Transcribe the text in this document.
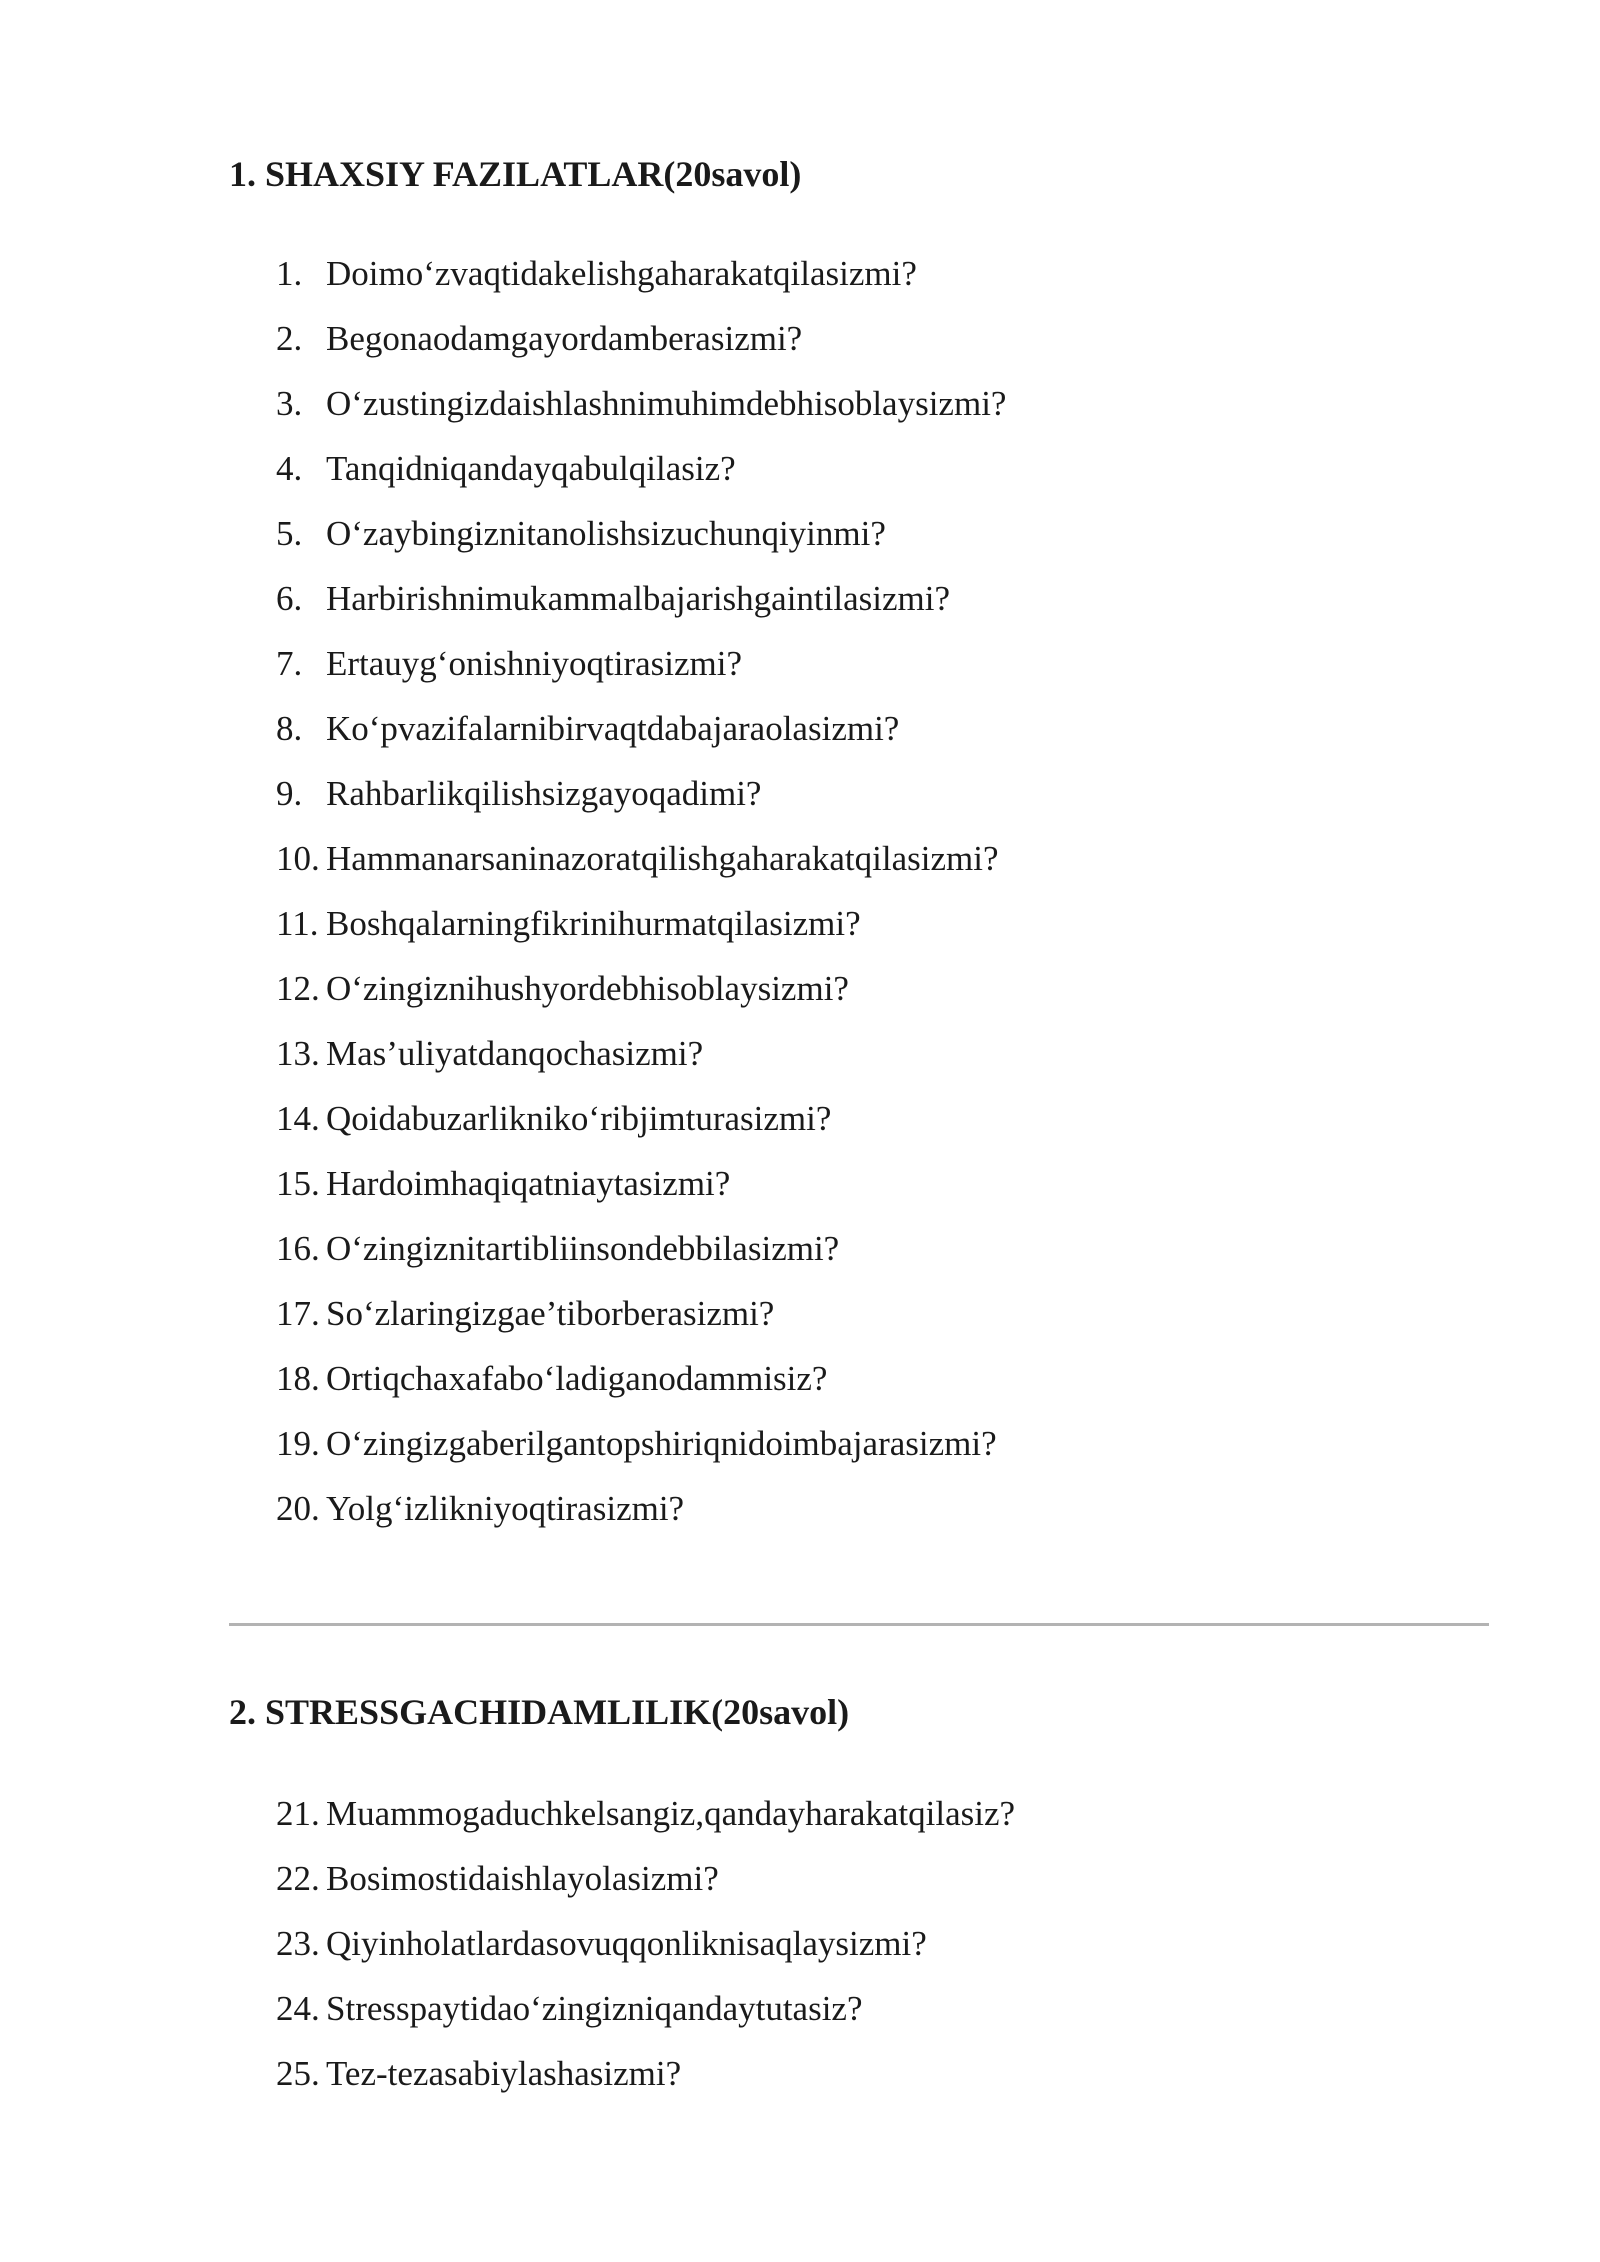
1. SHAXSIY FAZILATLAR(20savol)
1. Doimo‘zvaqtidakelishgaharakatqilasizmi?
2. Begonaodamgayordamberasizmi?
3. O‘zustingizdaishlashnimuhimdebhisoblaysizmi?
4. Tanqidniqandayqabulqilasiz?
5. O‘zaybingiznitanolishsizuchunqiyinmi?
6. Harbirishnimukammalbajarishgaintilasizmi?
7. Ertauyg‘onishniyoqtirasizmi?
8. Ko‘pvazifalarnibirvaqtdabajaraolasizmi?
9. Rahbarlikqilishsizgayoqadimi?
10. Hammanarsaninazoratqilishgaharakatqilasizmi?
11. Boshqalarningfikrinihurmatqilasizmi?
12. O‘zingiznihushyordebhisoblaysizmi?
13. Mas’uliyatdanqochasizmi?
14. Qoidabuzarlikniko‘ribjimturasizmi?
15. Hardoimhaqiqatniaytasizmi?
16. O‘zingiznitartibliinsondebbilasizmi?
17. So‘zlaringizgae’tiborberasizmi?
18. Ortiqchaxafabo‘ladiganodammisiz?
19. O‘zingizgaberilgantopshiriqnidoimbajarasizmi?
20. Yolg‘izlikniyoqtirasizmi?
2. STRESSGACHIDAMLILIK(20savol)
21. Muammogaduchkelsangiz,qandayharakatqilasiz?
22. Bosimostidaishlayolasizmi?
23. Qiyinholatlardasovuqqonliknisaqlaysizmi?
24. Stresspaytidao‘zingizniqandaytutasiz?
25. Tez-tezasabiylashasizmi?
